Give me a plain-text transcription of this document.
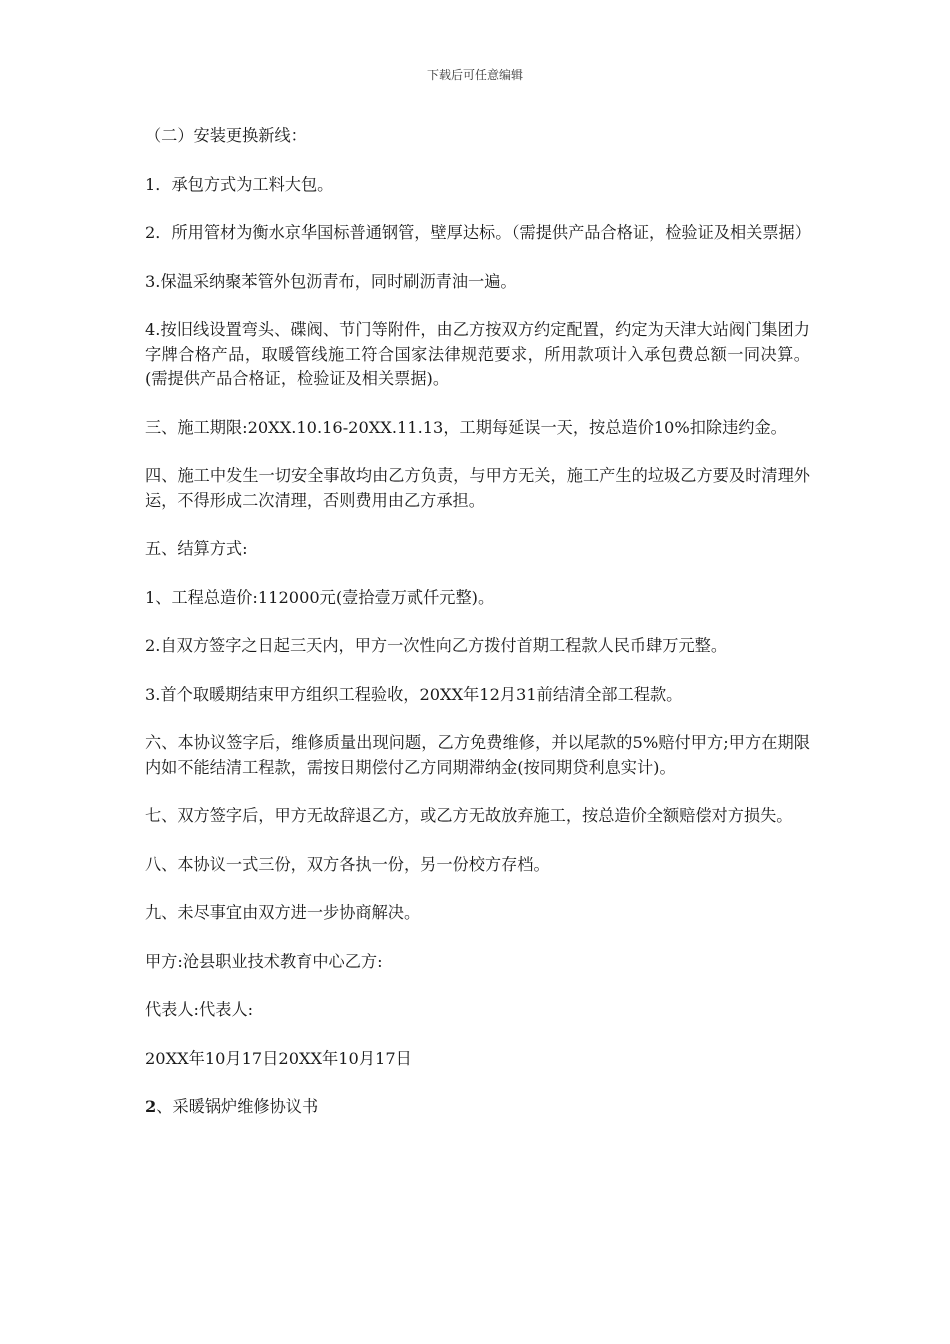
下载后可任意编辑

（二）安装更换新线：

1．承包方式为工料大包。

2．所用管材为衡水京华国标普通钢管，壁厚达标。（需提供产品合格证，检验证及相关票据）

3.保温采纳聚苯管外包沥青布，同时刷沥青油一遍。

4.按旧线设置弯头、碟阀、节门等附件，由乙方按双方约定配置，约定为天津大站阀门集团力字牌合格产品，取暖管线施工符合国家法律规范要求，所用款项计入承包费总额一同决算。(需提供产品合格证，检验证及相关票据)。

三、施工期限:20XX.10.16-20XX.11.13，工期每延误一天，按总造价10%扣除违约金。

四、施工中发生一切安全事故均由乙方负责，与甲方无关，施工产生的垃圾乙方要及时清理外运，不得形成二次清理，否则费用由乙方承担。

五、结算方式:

1、工程总造价:112000元(壹拾壹万贰仟元整)。

2.自双方签字之日起三天内，甲方一次性向乙方拨付首期工程款人民币肆万元整。

3.首个取暖期结束甲方组织工程验收，20XX年12月31前结清全部工程款。

六、本协议签字后，维修质量出现问题，乙方免费维修，并以尾款的5%赔付甲方;甲方在期限内如不能结清工程款，需按日期偿付乙方同期滞纳金(按同期贷利息实计)。

七、双方签字后，甲方无故辞退乙方，或乙方无故放弃施工，按总造价全额赔偿对方损失。

八、本协议一式三份，双方各执一份，另一份校方存档。

九、未尽事宜由双方进一步协商解决。

甲方:沧县职业技术教育中心乙方:

代表人:代表人:

20XX年10月17日20XX年10月17日

2、采暖锅炉维修协议书
